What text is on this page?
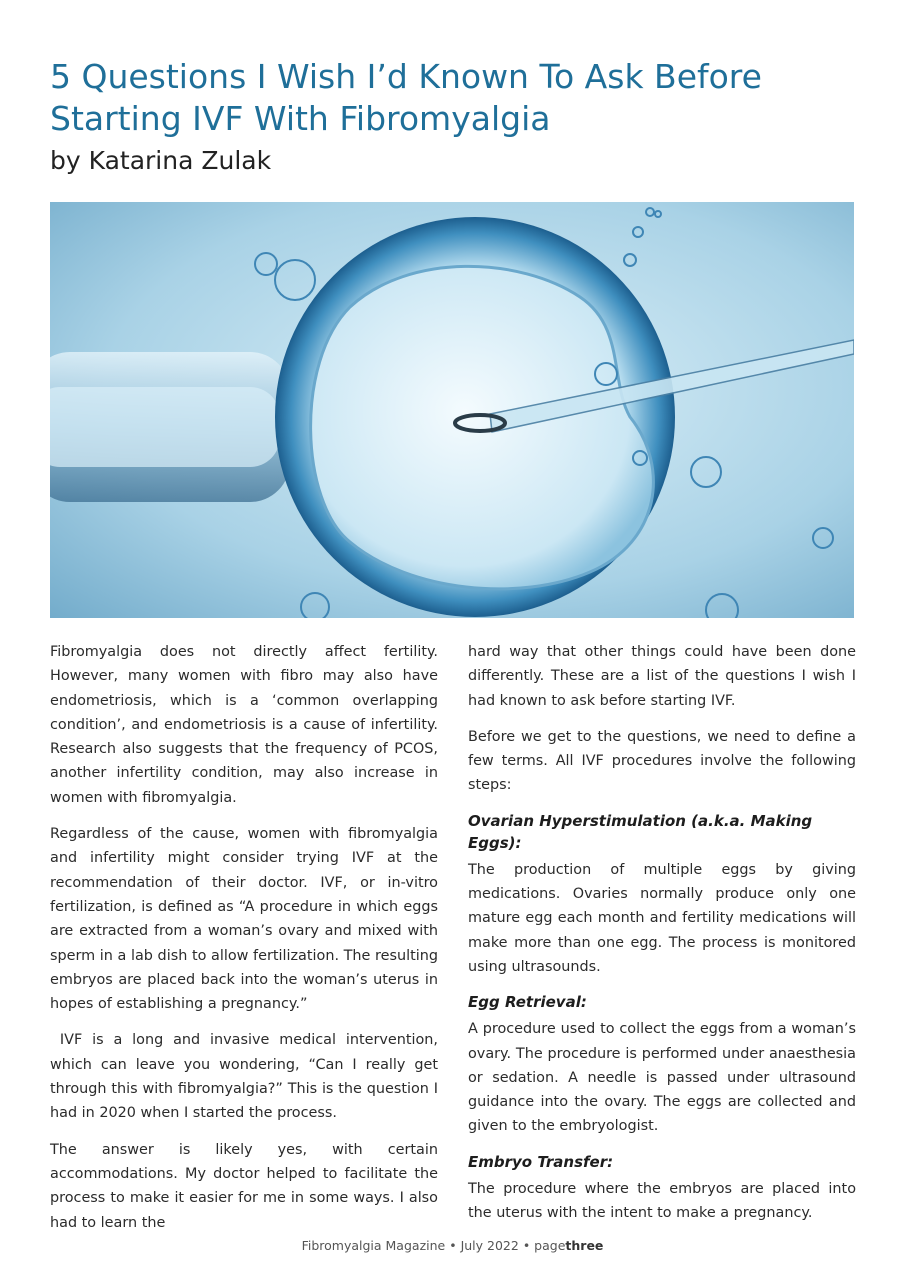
5 Questions I Wish I’d Known To Ask Before Starting IVF With Fibromyalgia
by Katarina Zulak

Fibromyalgia does not directly affect fertility. However, many women with fibro may also have endometriosis, which is a ‘common overlapping condition’, and endometriosis is a cause of infertility. Research also suggests that the frequency of PCOS, another infertility condition, may also increase in women with fibromyalgia.

Regardless of the cause, women with fibromyalgia and infertility might consider trying IVF at the recommendation of their doctor. IVF, or in-vitro fertilization, is defined as “A procedure in which eggs are extracted from a woman’s ovary and mixed with sperm in a lab dish to allow fertilization. The resulting embryos are placed back into the woman’s uterus in hopes of establishing a pregnancy.”

IVF is a long and invasive medical intervention, which can leave you wondering, “Can I really get through this with fibromyalgia?” This is the question I had in 2020 when I started the process.

The answer is likely yes, with certain accommodations. My doctor helped to facilitate the process to make it easier for me in some ways. I also had to learn the

hard way that other things could have been done differently. These are a list of the questions I wish I had known to ask before starting IVF.

Before we get to the questions, we need to define a few terms. All IVF procedures involve the following steps:

Ovarian Hyperstimulation (a.k.a. Making Eggs):

The production of multiple eggs by giving medications. Ovaries normally produce only one mature egg each month and fertility medications will make more than one egg. The process is monitored using ultrasounds.

Egg Retrieval:

A procedure used to collect the eggs from a woman’s ovary. The procedure is performed under anaesthesia or sedation. A needle is passed under ultrasound guidance into the ovary. The eggs are collected and given to the embryologist.

Embryo Transfer:

The procedure where the embryos are placed into the uterus with the intent to make a pregnancy.

Fibromyalgia Magazine • July 2022 • pagethree
